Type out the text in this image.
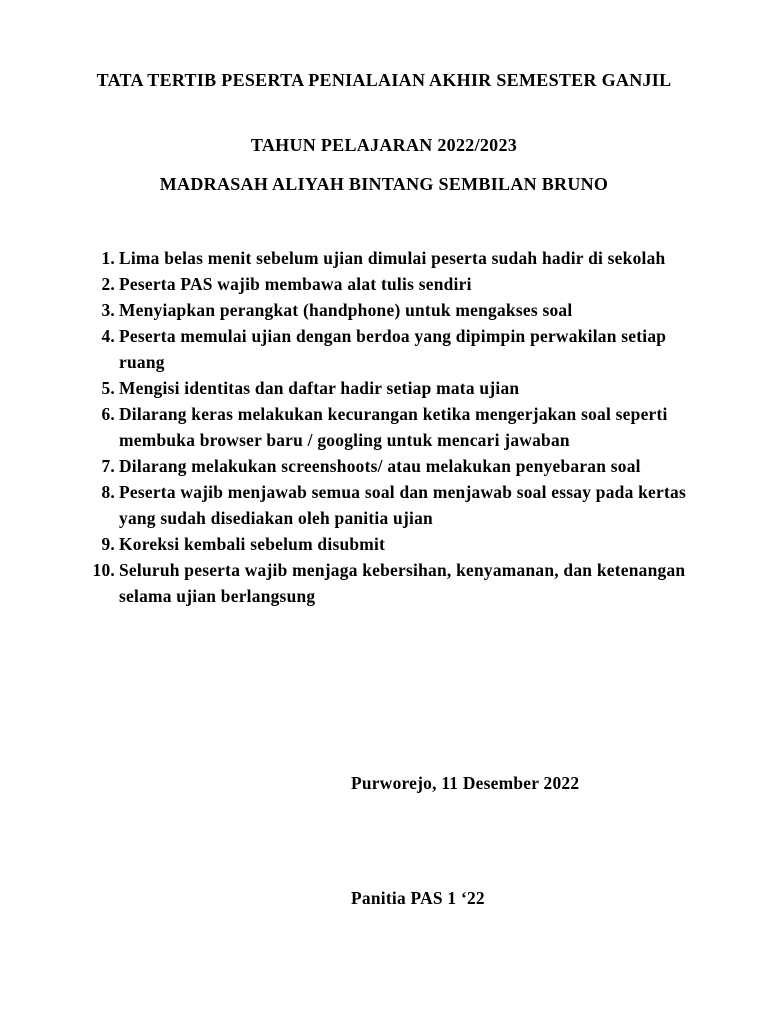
TATA TERTIB PESERTA PENIALAIAN AKHIR SEMESTER GANJIL
TAHUN PELAJARAN 2022/2023
MADRASAH ALIYAH BINTANG SEMBILAN BRUNO
1. Lima belas menit sebelum ujian dimulai peserta sudah hadir di sekolah
2. Peserta PAS wajib membawa alat tulis sendiri
3. Menyiapkan perangkat (handphone) untuk mengakses soal
4. Peserta memulai ujian dengan berdoa yang dipimpin perwakilan setiap ruang
5. Mengisi identitas dan daftar hadir setiap mata ujian
6. Dilarang keras melakukan kecurangan ketika mengerjakan soal seperti membuka browser baru / googling untuk mencari jawaban
7. Dilarang melakukan screenshoots/ atau melakukan penyebaran soal
8. Peserta wajib menjawab semua soal dan menjawab soal essay pada kertas yang sudah disediakan oleh panitia ujian
9. Koreksi kembali sebelum disubmit
10. Seluruh peserta wajib menjaga kebersihan, kenyamanan, dan ketenangan selama ujian berlangsung
Purworejo, 11 Desember 2022
Panitia PAS 1 ‘22
